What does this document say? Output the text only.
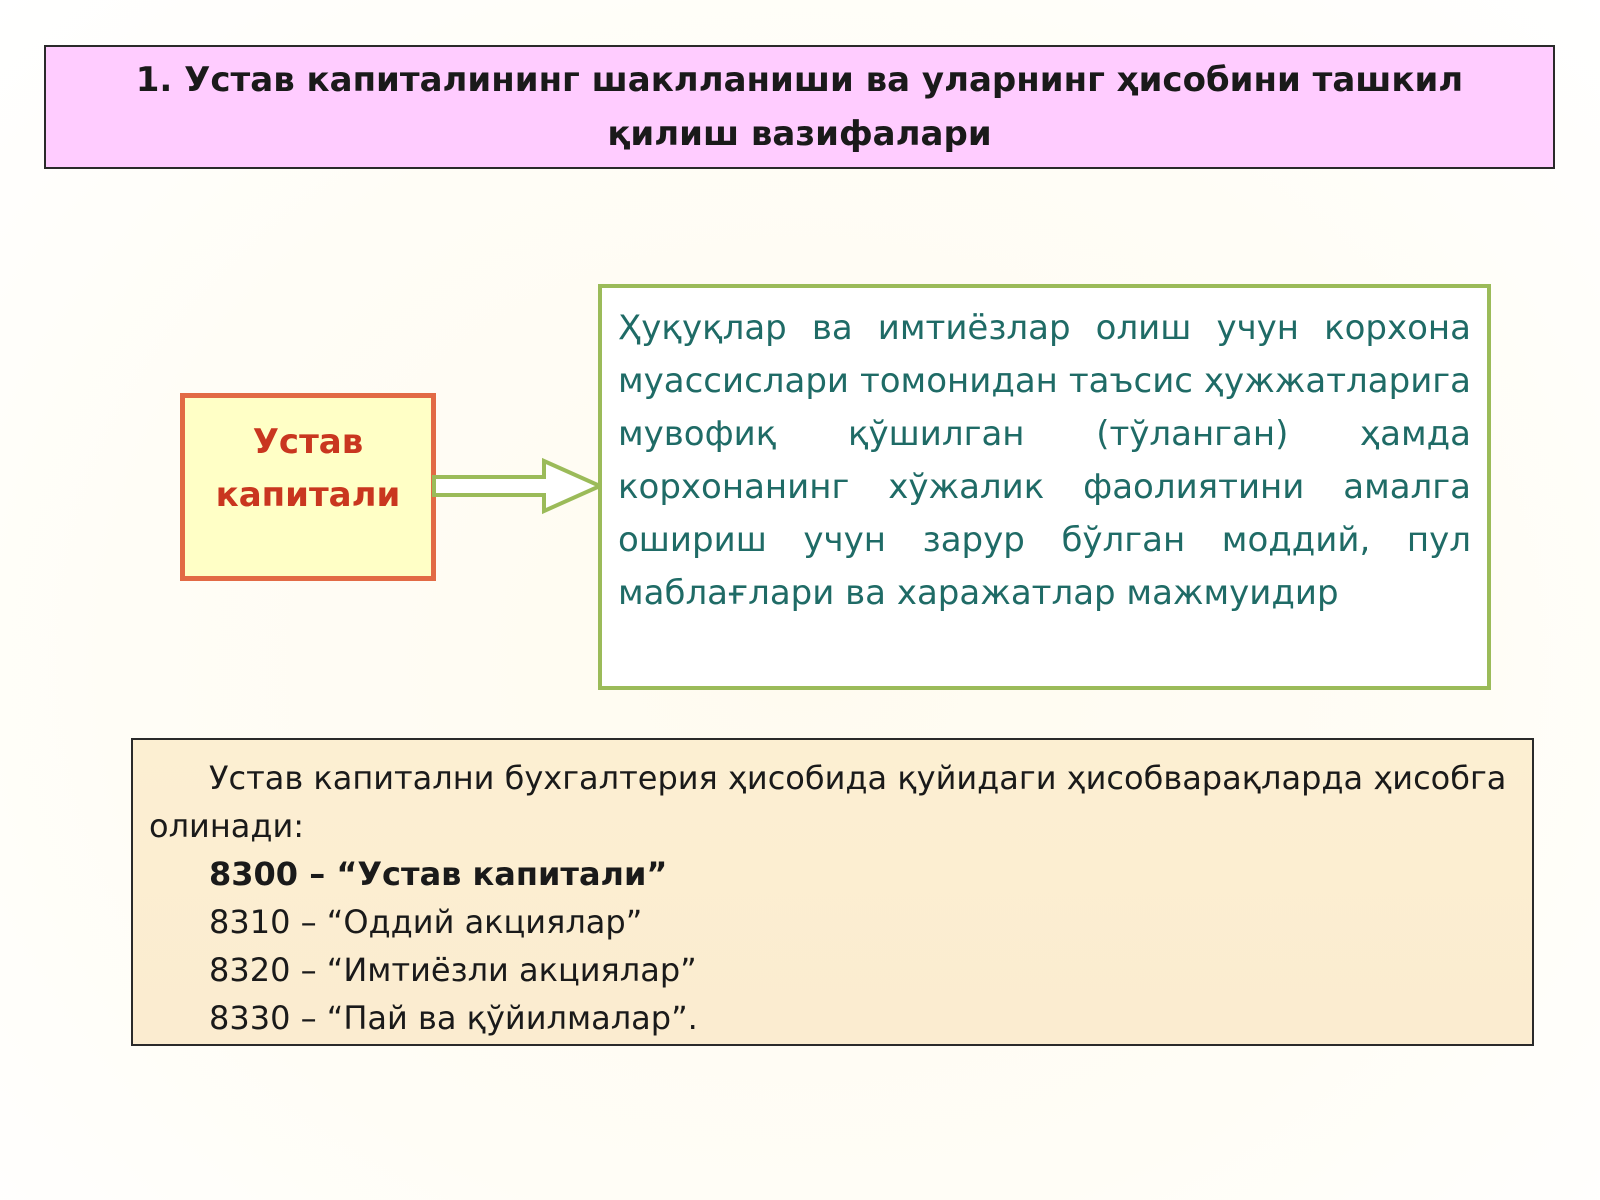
1. Устав капиталининг шаклланиши ва уларнинг ҳисобини ташкил қилиш вазифалари
Устав
капитали
Ҳуқуқлар ва имтиёзлар олиш учун корхона муассислари томонидан таъсис ҳужжатларига мувофиқ қўшилган (тўланган) ҳамда корхонанинг хўжалик фаолиятини амалга ошириш учун зарур бўлган моддий, пул маблағлари ва харажатлар мажмуидир
Устав капитални бухгалтерия ҳисобида қуйидаги ҳисобварақларда ҳисобга олинади:
8300 – “Устав капитали”
8310 – “Оддий акциялар”
8320 – “Имтиёзли акциялар”
8330 – “Пай ва қўйилмалар”.
